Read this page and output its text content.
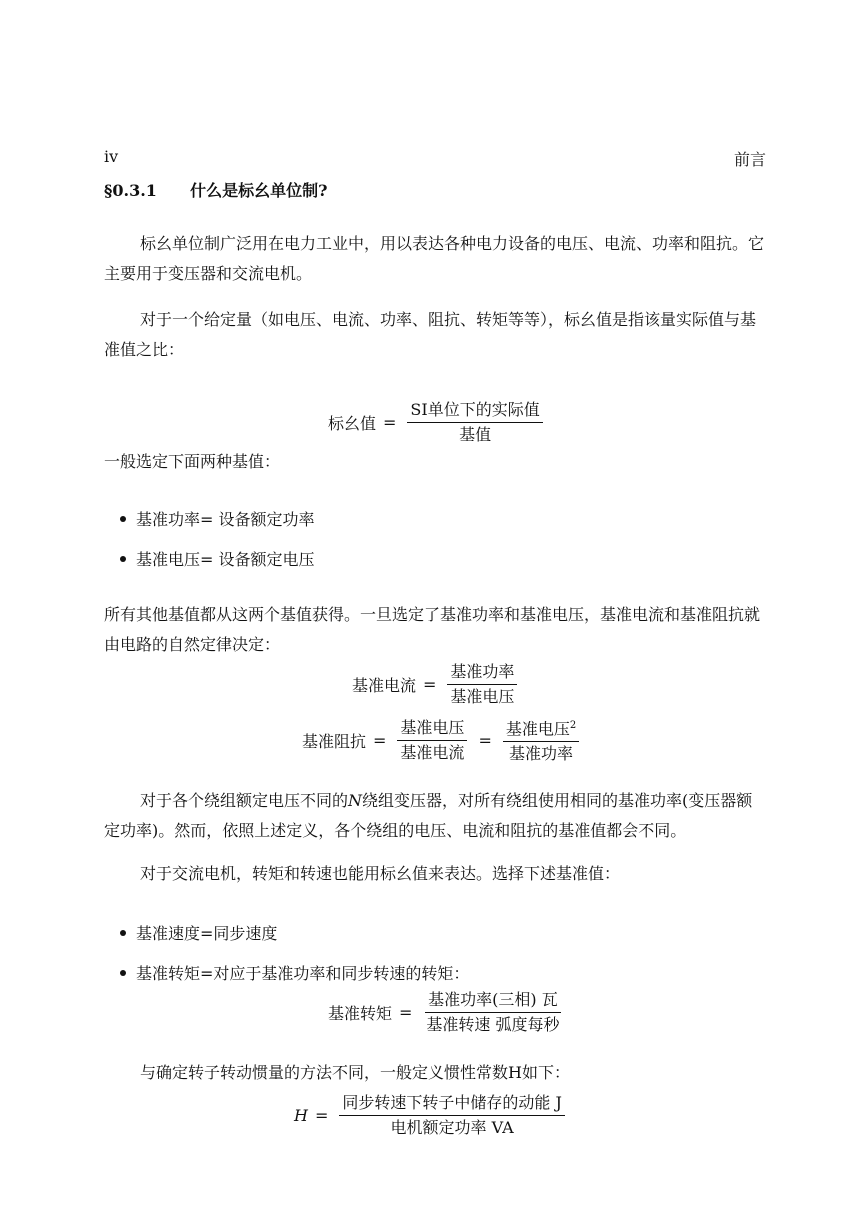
iv	前言
§0.3.1 什么是标幺单位制?
标幺单位制广泛用在电力工业中，用以表达各种电力设备的电压、电流、功率和阻抗。它主要用于变压器和交流电机。
对于一个给定量（如电压、电流、功率、阻抗、转矩等等），标幺值是指该量实际值与基准值之比：
标幺值 = $\frac{\text{SI单位下的实际值}}{\text{基值}}$
一般选定下面两种基值：
基准功率= 设备额定功率
基准电压= 设备额定电压
所有其他基值都从这两个基值获得。一旦选定了基准功率和基准电压，基准电流和基准阻抗就由电路的自然定律决定：
基准电流 = $\frac{\text{基准功率}}{\text{基准电压}}$
基准阻抗 = $\frac{\text{基准电压}}{\text{基准电流}} = \frac{基准电压^2}{\text{基准功率}}$
对于各个绕组额定电压不同的N绕组变压器，对所有绕组使用相同的基准功率(变压器额定功率)。然而，依照上述定义，各个绕组的电压、电流和阻抗的基准值都会不同。
对于交流电机，转矩和转速也能用标幺值来表达。选择下述基准值：
基准速度=同步速度
基准转矩=对应于基准功率和同步转速的转矩：
基准转矩 = $\frac{\text{基准功率(三相) 瓦}}{\text{基准转速 弧度每秒}}$
与确定转子转动惯量的方法不同，一般定义惯性常数H如下：
$H = \frac{\text{同步转速下转子中储存的动能 J}}{\text{电机额定功率 VA}}$
